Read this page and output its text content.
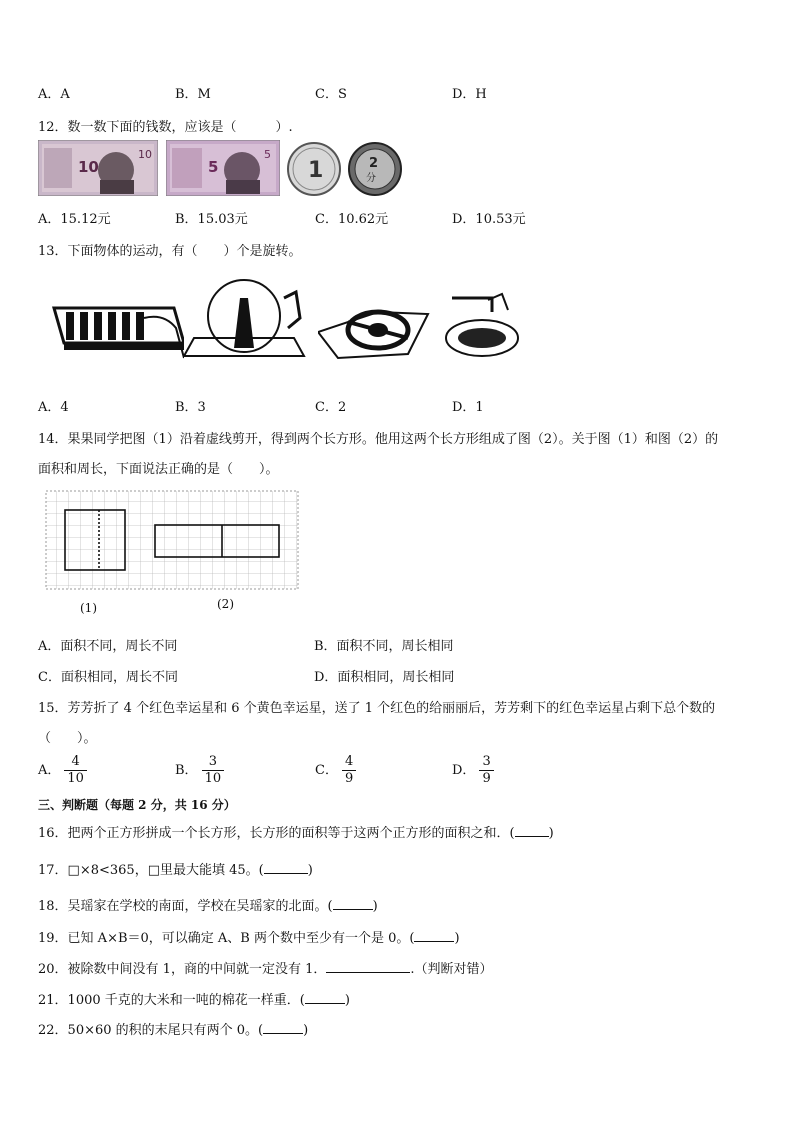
A．A	B．M	C．S	D．H
12．数一数下面的钱数，应该是（　　　）.
10
10
5
5
1	2
分
A．15.12元	B．15.03元	C．10.62元	D．10.53元
13．下面物体的运动，有（　　）个是旋转。
A．4	B．3	C．2	D．1
14．果果同学把图（1）沿着虚线剪开，得到两个长方形。他用这两个长方形组成了图（2）。关于图（1）和图（2）的
面积和周长，下面说法正确的是（　　）。
(1)	(2)
A．面积不同，周长不同	B．面积不同，周长相同
C．面积相同，周长不同	D．面积相同，周长相同
15．芳芳折了 4 个红色幸运星和 6 个黄色幸运星，送了 1 个红色的给丽丽后，芳芳剩下的红色幸运星占剩下总个数的
（　　）。
A． $\frac{4}{10}$	B． $\frac{3}{10}$	C． $\frac{4}{9}$	D． $\frac{3}{9}$
三、判断题（每题 2 分，共 16 分）
16．把两个正方形拼成一个长方形，长方形的面积等于这两个正方形的面积之和．(	)
17．□×8<365，□里最大能填 45。(	)
18．吴瑶家在学校的南面，学校在吴瑶家的北面。(	)
19．已知 A×B＝0，可以确定 A、B 两个数中至少有一个是 0。(	)
20．被除数中间没有 1，商的中间就一定没有 1．	.（判断对错）
21．1000 千克的大米和一吨的棉花一样重．(	)
22．50×60 的积的末尾只有两个 0。(	)
